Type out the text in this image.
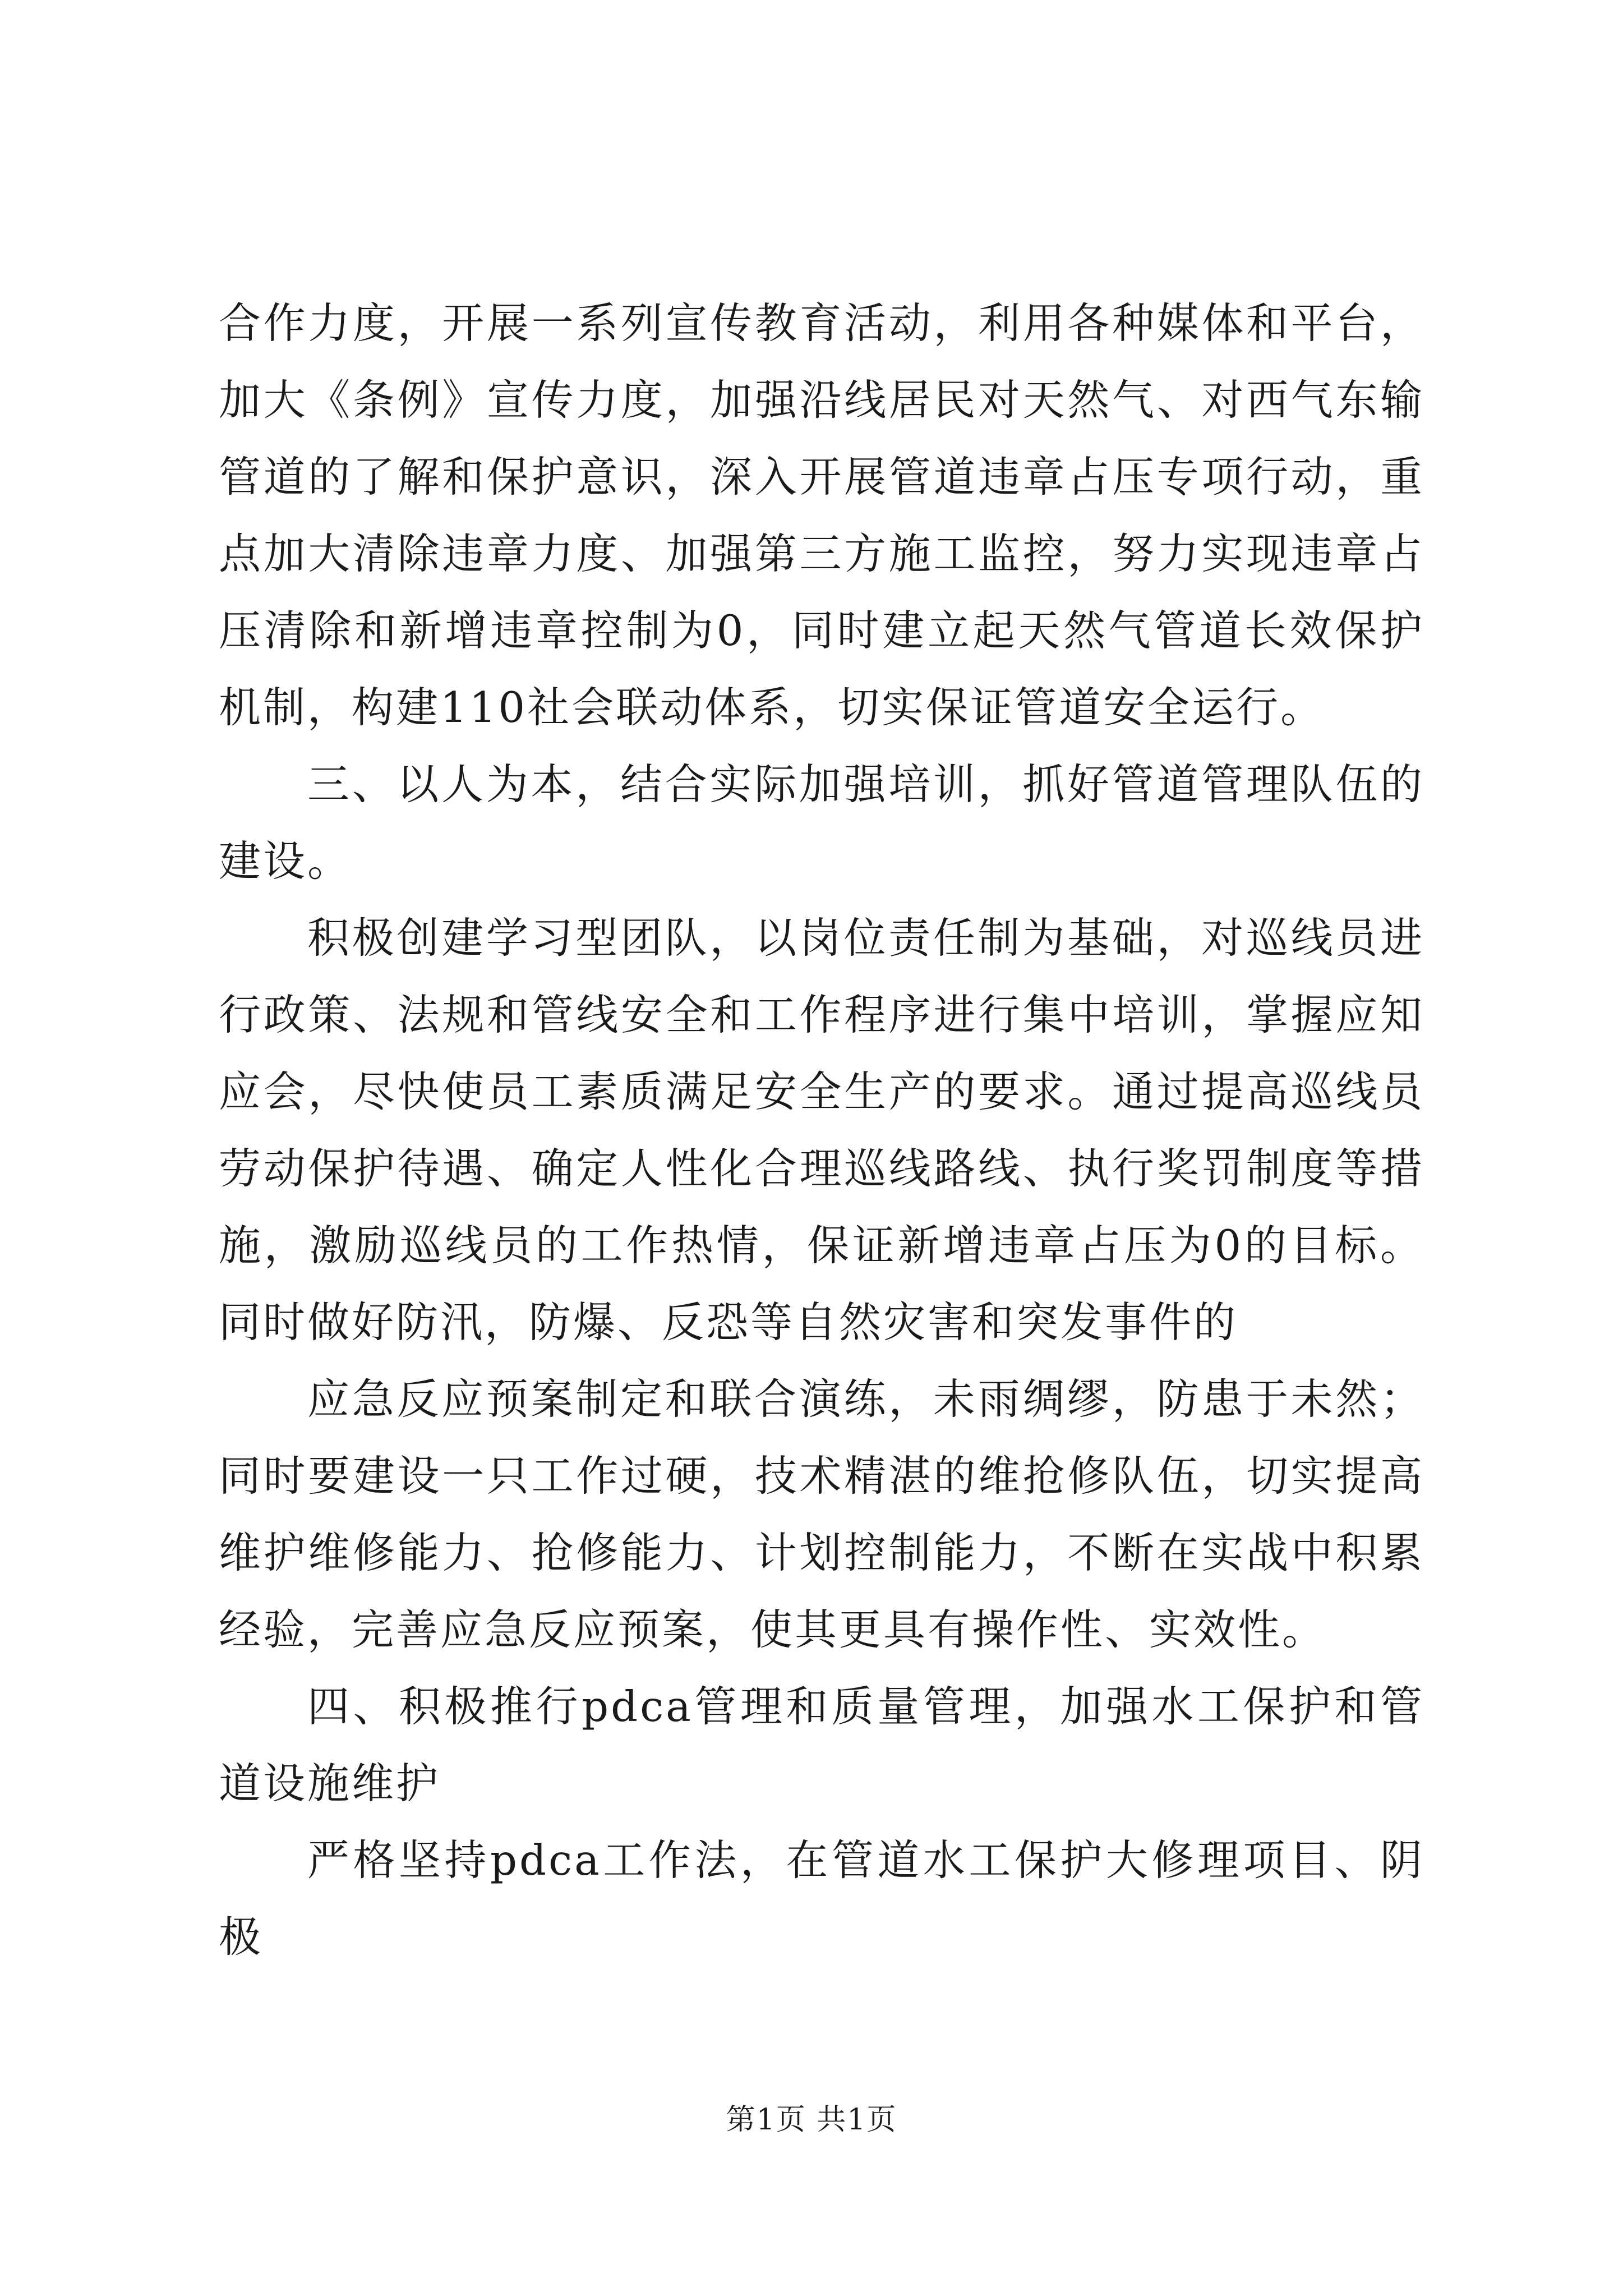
合作力度，开展一系列宣传教育活动，利用各种媒体和平台，加大《条例》宣传力度，加强沿线居民对天然气、对西气东输管道的了解和保护意识，深入开展管道违章占压专项行动，重点加大清除违章力度、加强第三方施工监控，努力实现违章占压清除和新增违章控制为0，同时建立起天然气管道长效保护机制，构建110社会联动体系，切实保证管道安全运行。

三、以人为本，结合实际加强培训，抓好管道管理队伍的建设。

积极创建学习型团队，以岗位责任制为基础，对巡线员进行政策、法规和管线安全和工作程序进行集中培训，掌握应知应会，尽快使员工素质满足安全生产的要求。通过提高巡线员劳动保护待遇、确定人性化合理巡线路线、执行奖罚制度等措施，激励巡线员的工作热情，保证新增违章占压为0的目标。同时做好防汛，防爆、反恐等自然灾害和突发事件的

应急反应预案制定和联合演练，未雨绸缪，防患于未然；同时要建设一只工作过硬，技术精湛的维抢修队伍，切实提高维护维修能力、抢修能力、计划控制能力，不断在实战中积累经验，完善应急反应预案，使其更具有操作性、实效性。

四、积极推行pdca管理和质量管理，加强水工保护和管道设施维护

严格坚持pdca工作法，在管道水工保护大修理项目、阴极

第1页 共1页
